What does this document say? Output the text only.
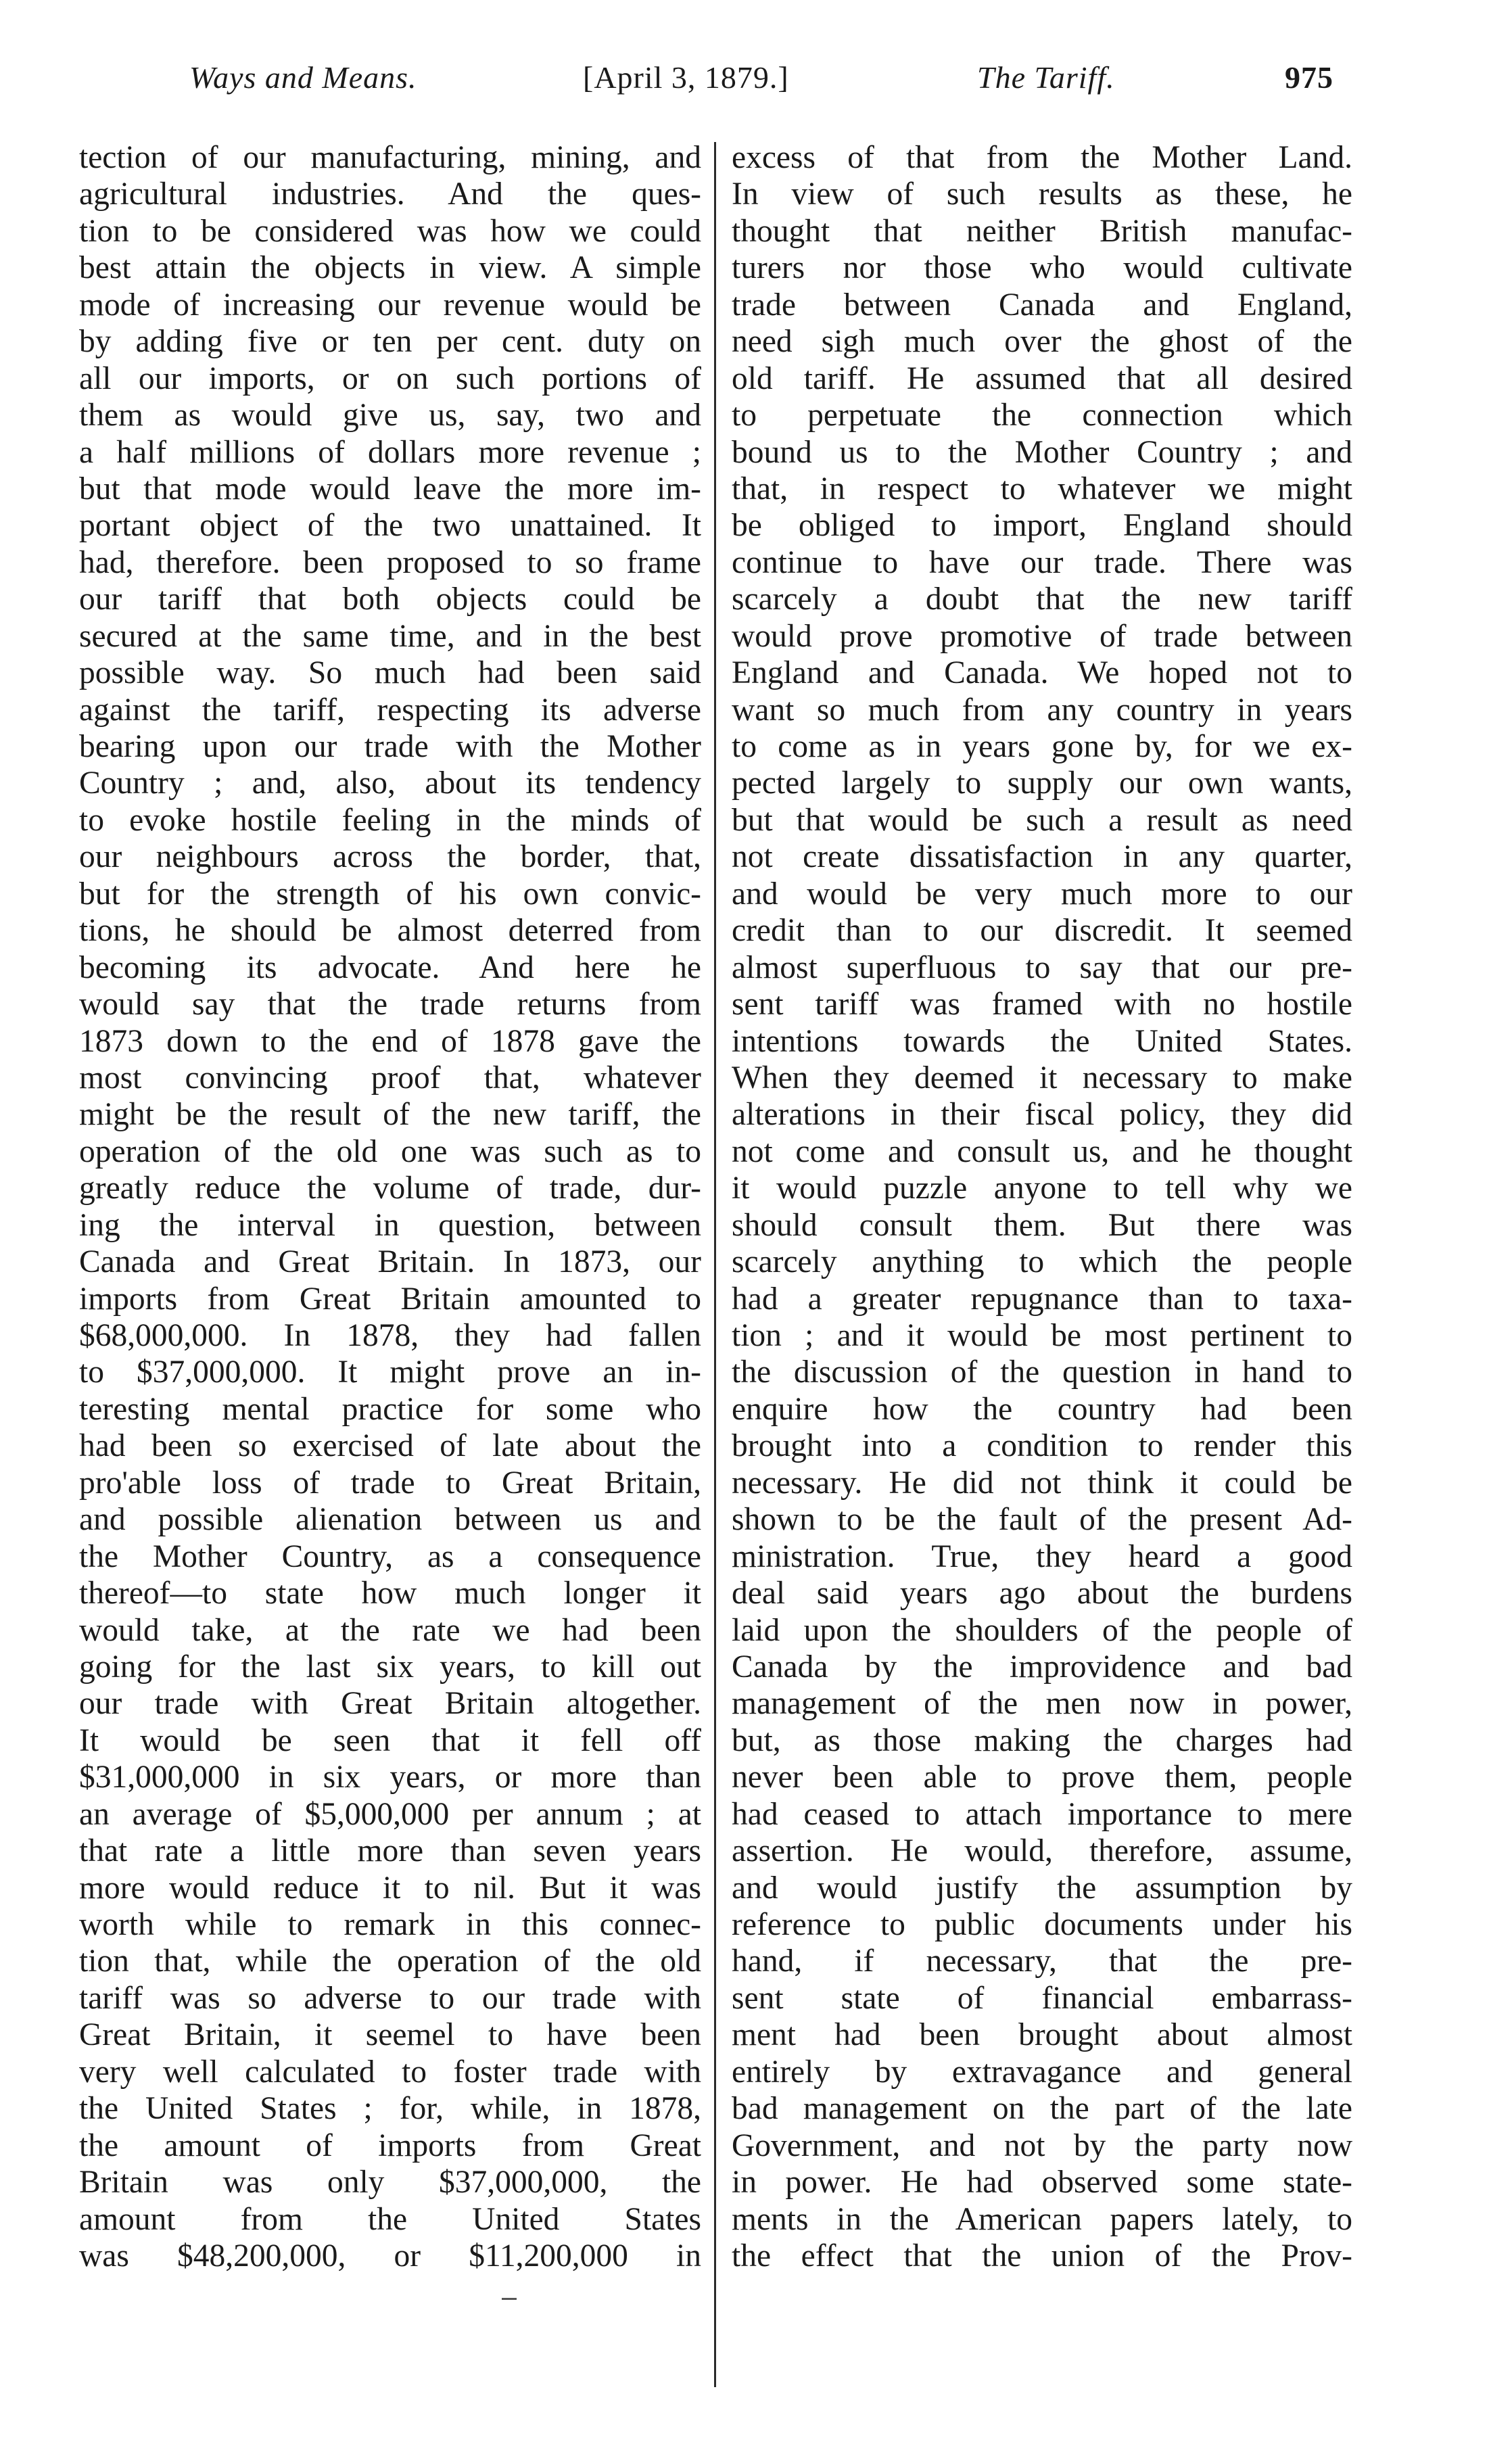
Ways and Means.	[April 3, 1879.]	The Tariff.	975
tection of our manufacturing, mining, and
agricultural industries. And the ques-
tion to be considered was how we could
best attain the objects in view. A simple
mode of increasing our revenue would be
by adding five or ten per cent. duty on
all our imports, or on such portions of
them as would give us, say, two and
a half millions of dollars more revenue ;
but that mode would leave the more im-
portant object of the two unattained. It
had, therefore. been proposed to so frame
our tariff that both objects could be
secured at the same time, and in the best
possible way. So much had been said
against the tariff, respecting its adverse
bearing upon our trade with the Mother
Country ; and, also, about its tendency
to evoke hostile feeling in the minds of
our neighbours across the border, that,
but for the strength of his own convic-
tions, he should be almost deterred from
becoming its advocate. And here he
would say that the trade returns from
1873 down to the end of 1878 gave the
most convincing proof that, whatever
might be the result of the new tariff, the
operation of the old one was such as to
greatly reduce the volume of trade, dur-
ing the interval in question, between
Canada and Great Britain. In 1873, our
imports from Great Britain amounted to
$68,000,000. In 1878, they had fallen
to $37,000,000. It might prove an in-
teresting mental practice for some who
had been so exercised of late about the
pro'able loss of trade to Great Britain,
and possible alienation between us and
the Mother Country, as a consequence
thereof—to state how much longer it
would take, at the rate we had been
going for the last six years, to kill out
our trade with Great Britain altogether.
It would be seen that it fell off
$31,000,000 in six years, or more than
an average of $5,000,000 per annum ; at
that rate a little more than seven years
more would reduce it to nil. But it was
worth while to remark in this connec-
tion that, while the operation of the old
tariff was so adverse to our trade with
Great Britain, it seemel to have been
very well calculated to foster trade with
the United States ; for, while, in 1878,
the amount of imports from Great
Britain was only $37,000,000, the
amount from the United States
was $48,200,000, or $11,200,000 in
excess of that from the Mother Land.
In view of such results as these, he
thought that neither British manufac-
turers nor those who would cultivate
trade between Canada and England,
need sigh much over the ghost of the
old tariff. He assumed that all desired
to perpetuate the connection which
bound us to the Mother Country ; and
that, in respect to whatever we might
be obliged to import, England should
continue to have our trade. There was
scarcely a doubt that the new tariff
would prove promotive of trade between
England and Canada. We hoped not to
want so much from any country in years
to come as in years gone by, for we ex-
pected largely to supply our own wants,
but that would be such a result as need
not create dissatisfaction in any quarter,
and would be very much more to our
credit than to our discredit. It seemed
almost superfluous to say that our pre-
sent tariff was framed with no hostile
intentions towards the United States.
When they deemed it necessary to make
alterations in their fiscal policy, they did
not come and consult us, and he thought
it would puzzle anyone to tell why we
should consult them. But there was
scarcely anything to which the people
had a greater repugnance than to taxa-
tion ; and it would be most pertinent to
the discussion of the question in hand to
enquire how the country had been
brought into a condition to render this
necessary. He did not think it could be
shown to be the fault of the present Ad-
ministration. True, they heard a good
deal said years ago about the burdens
laid upon the shoulders of the people of
Canada by the improvidence and bad
management of the men now in power,
but, as those making the charges had
never been able to prove them, people
had ceased to attach importance to mere
assertion. He would, therefore, assume,
and would justify the assumption by
reference to public documents under his
hand, if necessary, that the pre-
sent state of financial embarrass-
ment had been brought about almost
entirely by extravagance and general
bad management on the part of the late
Government, and not by the party now
in power. He had observed some state-
ments in the American papers lately, to
the effect that the union of the Prov-
